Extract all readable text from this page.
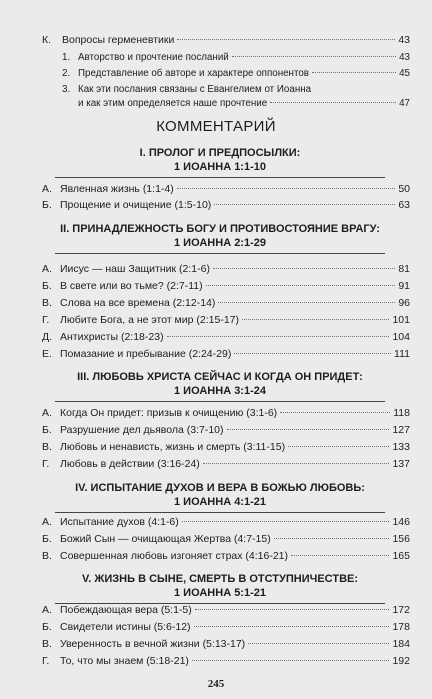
К.	Вопросы герменевтики	43
1. Авторство и прочтение посланий	43
2. Представление об авторе и характере оппонентов	45
3. Как эти послания связаны с Евангелием от Иоанна
и как этим определяется наше прочтение	47
КОММЕНТАРИЙ
I. ПРОЛОГ И ПРЕДПОСЫЛКИ:
1 ИОАННА 1:1-10
А. Явленная жизнь (1:1-4)	50
Б. Прощение и очищение (1:5-10)	63
II. ПРИНАДЛЕЖНОСТЬ БОГУ И ПРОТИВОСТОЯНИЕ ВРАГУ:
1 ИОАННА 2:1-29
А. Иисус — наш Защитник (2:1-6)	81
Б. В свете или во тьме? (2:7-11)	91
В. Слова на все времена (2:12-14)	96
Г.	Любите Бога, а не этот мир (2:15-17)	101
Д. Антихристы (2:18-23)	104
Е. Помазание и пребывание (2:24-29)	111
III. ЛЮБОВЬ ХРИСТА СЕЙЧАС И КОГДА ОН ПРИДЕТ:
1 ИОАННА 3:1-24
А. Когда Он придет: призыв к очищению (3:1-6)	118
Б. Разрушение дел дьявола (3:7-10)	127
В. Любовь и ненависть, жизнь и смерть (3:11-15)	133
Г.	Любовь в действии (3:16-24)	137
IV. ИСПЫТАНИЕ ДУХОВ И ВЕРА В БОЖЬЮ ЛЮБОВЬ:
1 ИОАННА 4:1-21
А. Испытание духов (4:1-6)	146
Б. Божий Сын — очищающая Жертва (4:7-15)	156
В. Совершенная любовь изгоняет страх (4:16-21)	165
V. ЖИЗНЬ В СЫНЕ, СМЕРТЬ В ОТСТУПНИЧЕСТВЕ:
1 ИОАННА 5:1-21
А. Побеждающая вера (5:1-5)	172
Б. Свидетели истины (5:6-12)	178
В. Уверенность в вечной жизни (5:13-17)	184
Г.	То, что мы знаем (5:18-21)	192
245
